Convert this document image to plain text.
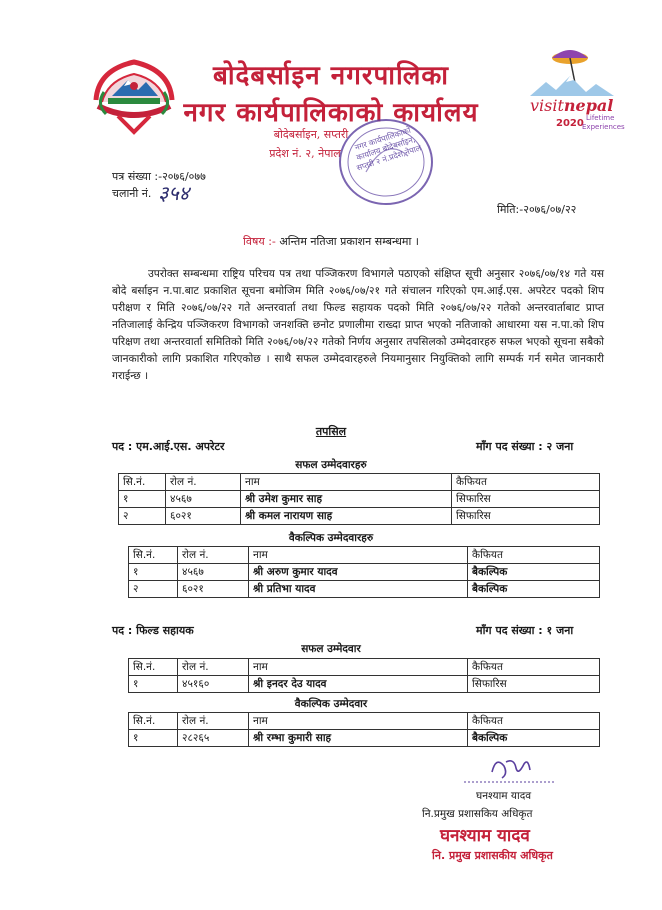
बोदेबर्साइन नगरपालिका
नगर कार्यपालिकाको कार्यालय
बोदेबर्साइन, सप्तरी
प्रदेश नं. २, नेपाल
नगर कार्यपालिकाको कार्यालय बोदेबर्साइन, सप्तरी २ नं.प्रदेश,नेपाल
visitnepal
2020 Lifetime
Experiences
पत्र संख्या :-२०७६/०७७
चलानी नं. ३५४
मिति:-२०७६/०७/२२
विषय :- अन्तिम नतिजा प्रकाशन सम्बन्धमा ।
उपरोक्त सम्बन्धमा राष्ट्रिय परिचय पत्र तथा पञ्जिकरण विभागले पठाएको संक्षिप्त सूची अनुसार २०७६/०७/१४ गते यस बोदे बर्साइन न.पा.बाट प्रकाशित सूचना बमोजिम मिति २०७६/०७/२१ गते संचालन गरिएको एम.आई.एस. अपरेटर पदको शिप परीक्षण र मिति २०७६/०७/२२ गते अन्तरवार्ता तथा फिल्ड सहायक पदको मिति २०७६/०७/२२ गतेको अन्तरवार्ताबाट प्राप्त नतिजालाई केन्द्रिय पञ्जिकरण विभागको जनशक्ति छनोट प्रणालीमा राख्दा प्राप्त भएको नतिजाको आधारमा यस न.पा.को शिप परिक्षण तथा अन्तरवार्ता समितिको मिति २०७६/०७/२२ गतेको निर्णय अनुसार तपसिलको उम्मेदवारहरु सफल भएको सूचना सबैको जानकारीको लागि प्रकाशित गरिएकोछ । साथै सफल उम्मेदवारहरुले नियमानुसार नियुक्तिको लागि सम्पर्क गर्न समेत जानकारी गराईन्छ ।
तपसिल
पद : एम.आई.एस. अपरेटर	माँग पद संख्या : २ जना
सफल उम्मेदवारहरु
सि.नं.	रोल नं.	नाम	कैफियत
१	४५६७	श्री उमेश कुमार साह	सिफारिस
२	६०२१	श्री कमल नारायण साह	सिफारिस
वैकल्पिक उम्मेदवारहरु
सि.नं.	रोल नं.	नाम	कैफियत
१	४५६७	श्री अरुण कुमार यादव	बैकल्पिक
२	६०२१	श्री प्रतिभा यादव	बैकल्पिक
पद : फिल्ड सहायक	माँग पद संख्या : १ जना
सफल उम्मेदवार
सि.नं.	रोल नं.	नाम	कैफियत
१	४५१६०	श्री इनदर देउ यादव	सिफारिस
वैकल्पिक उम्मेदवार
सि.नं.	रोल नं.	नाम	कैफियत
१	२८२६५	श्री रम्भा कुमारी साह	बैकल्पिक
घनश्याम यादव
नि.प्रमुख प्रशासकिय अधिकृत
घनश्याम यादव
नि. प्रमुख प्रशासकीय अधिकृत
